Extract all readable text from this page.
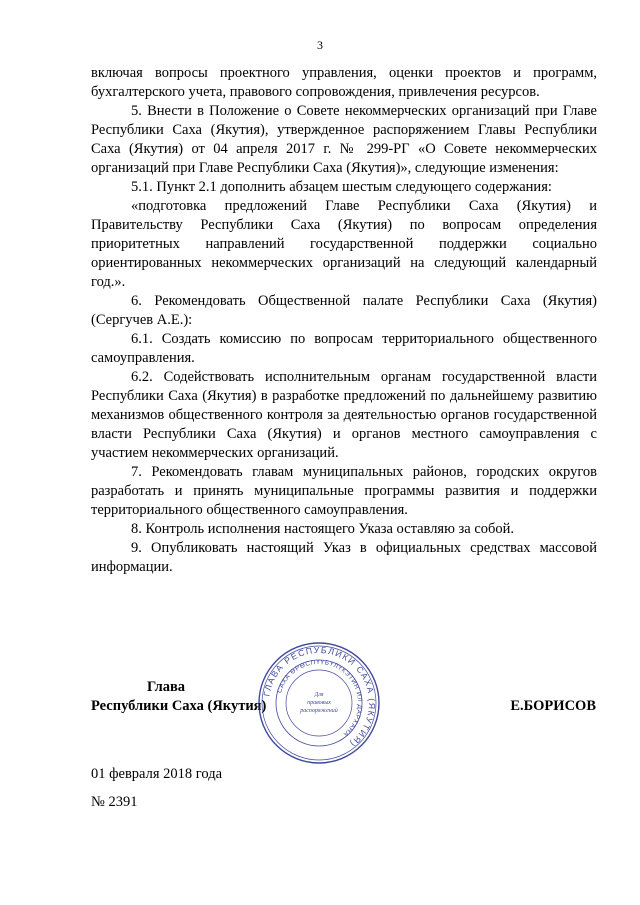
3

включая вопросы проектного управления, оценки проектов и программ, бухгалтерского учета, правового сопровождения, привлечения ресурсов.

5. Внести в Положение о Совете некоммерческих организаций при Главе Республики Саха (Якутия), утвержденное распоряжением Главы Республики Саха (Якутия) от 04 апреля 2017 г. № 299-РГ «О Совете некоммерческих организаций при Главе Республики Саха (Якутия)», следующие изменения:

5.1. Пункт 2.1 дополнить абзацем шестым следующего содержания:

«подготовка предложений Главе Республики Саха (Якутия) и Правительству Республики Саха (Якутия) по вопросам определения приоритетных направлений государственной поддержки социально ориентированных некоммерческих организаций на следующий календарный год.».

6. Рекомендовать Общественной палате Республики Саха (Якутия) (Сергучев А.Е.):

6.1. Создать комиссию по вопросам территориального общественного самоуправления.

6.2. Содействовать исполнительным органам государственной власти Республики Саха (Якутия) в разработке предложений по дальнейшему развитию механизмов общественного контроля за деятельностью органов государственной власти Республики Саха (Якутия) и органов местного самоуправления с участием некоммерческих организаций.

7. Рекомендовать главам муниципальных районов, городских округов разработать и принять муниципальные программы развития и поддержки территориального общественного самоуправления.

8. Контроль исполнения настоящего Указа оставляю за собой.

9. Опубликовать настоящий Указ в официальных средствах массовой информации.

Глава
Республики Саха (Якутия)
ГЛАВА РЕСПУБЛИКИ САХА (ЯКУТИЯ)
САХА ӨРӨСПҮҮБҮЛҮКЭТИН ИЛ ДАРХАНА
Для
правовых
распоряжений	Е.БОРИСОВ
01 февраля 2018 года
№ 2391
